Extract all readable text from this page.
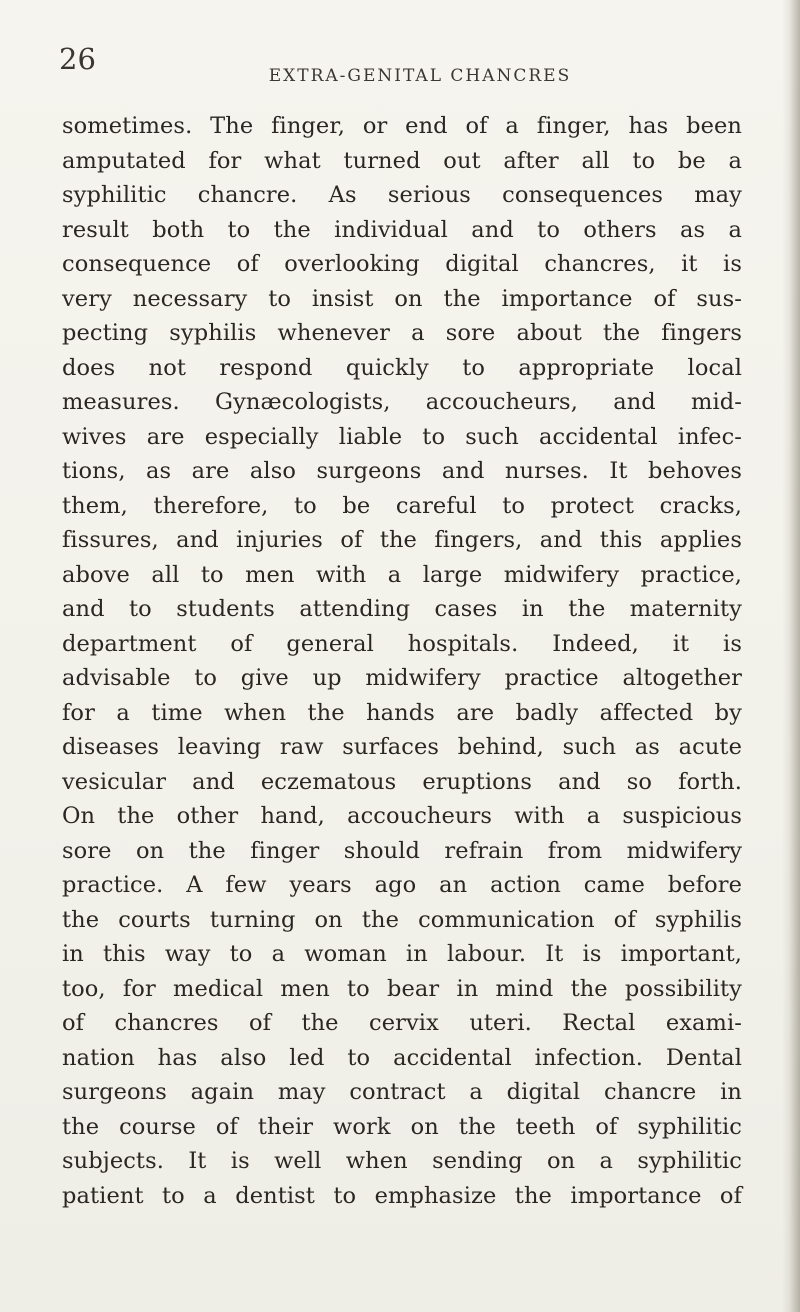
26	EXTRA-GENITAL CHANCRES
sometimes. The finger, or end of a finger, has been
amputated for what turned out after all to be a
syphilitic chancre. As serious consequences may
result both to the individual and to others as a
consequence of overlooking digital chancres, it is
very necessary to insist on the importance of sus-
pecting syphilis whenever a sore about the fingers
does not respond quickly to appropriate local
measures. Gynæcologists, accoucheurs, and mid-
wives are especially liable to such accidental infec-
tions, as are also surgeons and nurses. It behoves
them, therefore, to be careful to protect cracks,
fissures, and injuries of the fingers, and this applies
above all to men with a large midwifery practice,
and to students attending cases in the maternity
department of general hospitals. Indeed, it is
advisable to give up midwifery practice altogether
for a time when the hands are badly affected by
diseases leaving raw surfaces behind, such as acute
vesicular and eczematous eruptions and so forth.
On the other hand, accoucheurs with a suspicious
sore on the finger should refrain from midwifery
practice. A few years ago an action came before
the courts turning on the communication of syphilis
in this way to a woman in labour. It is important,
too, for medical men to bear in mind the possibility
of chancres of the cervix uteri. Rectal exami-
nation has also led to accidental infection. Dental
surgeons again may contract a digital chancre in
the course of their work on the teeth of syphilitic
subjects. It is well when sending on a syphilitic
patient to a dentist to emphasize the importance of
